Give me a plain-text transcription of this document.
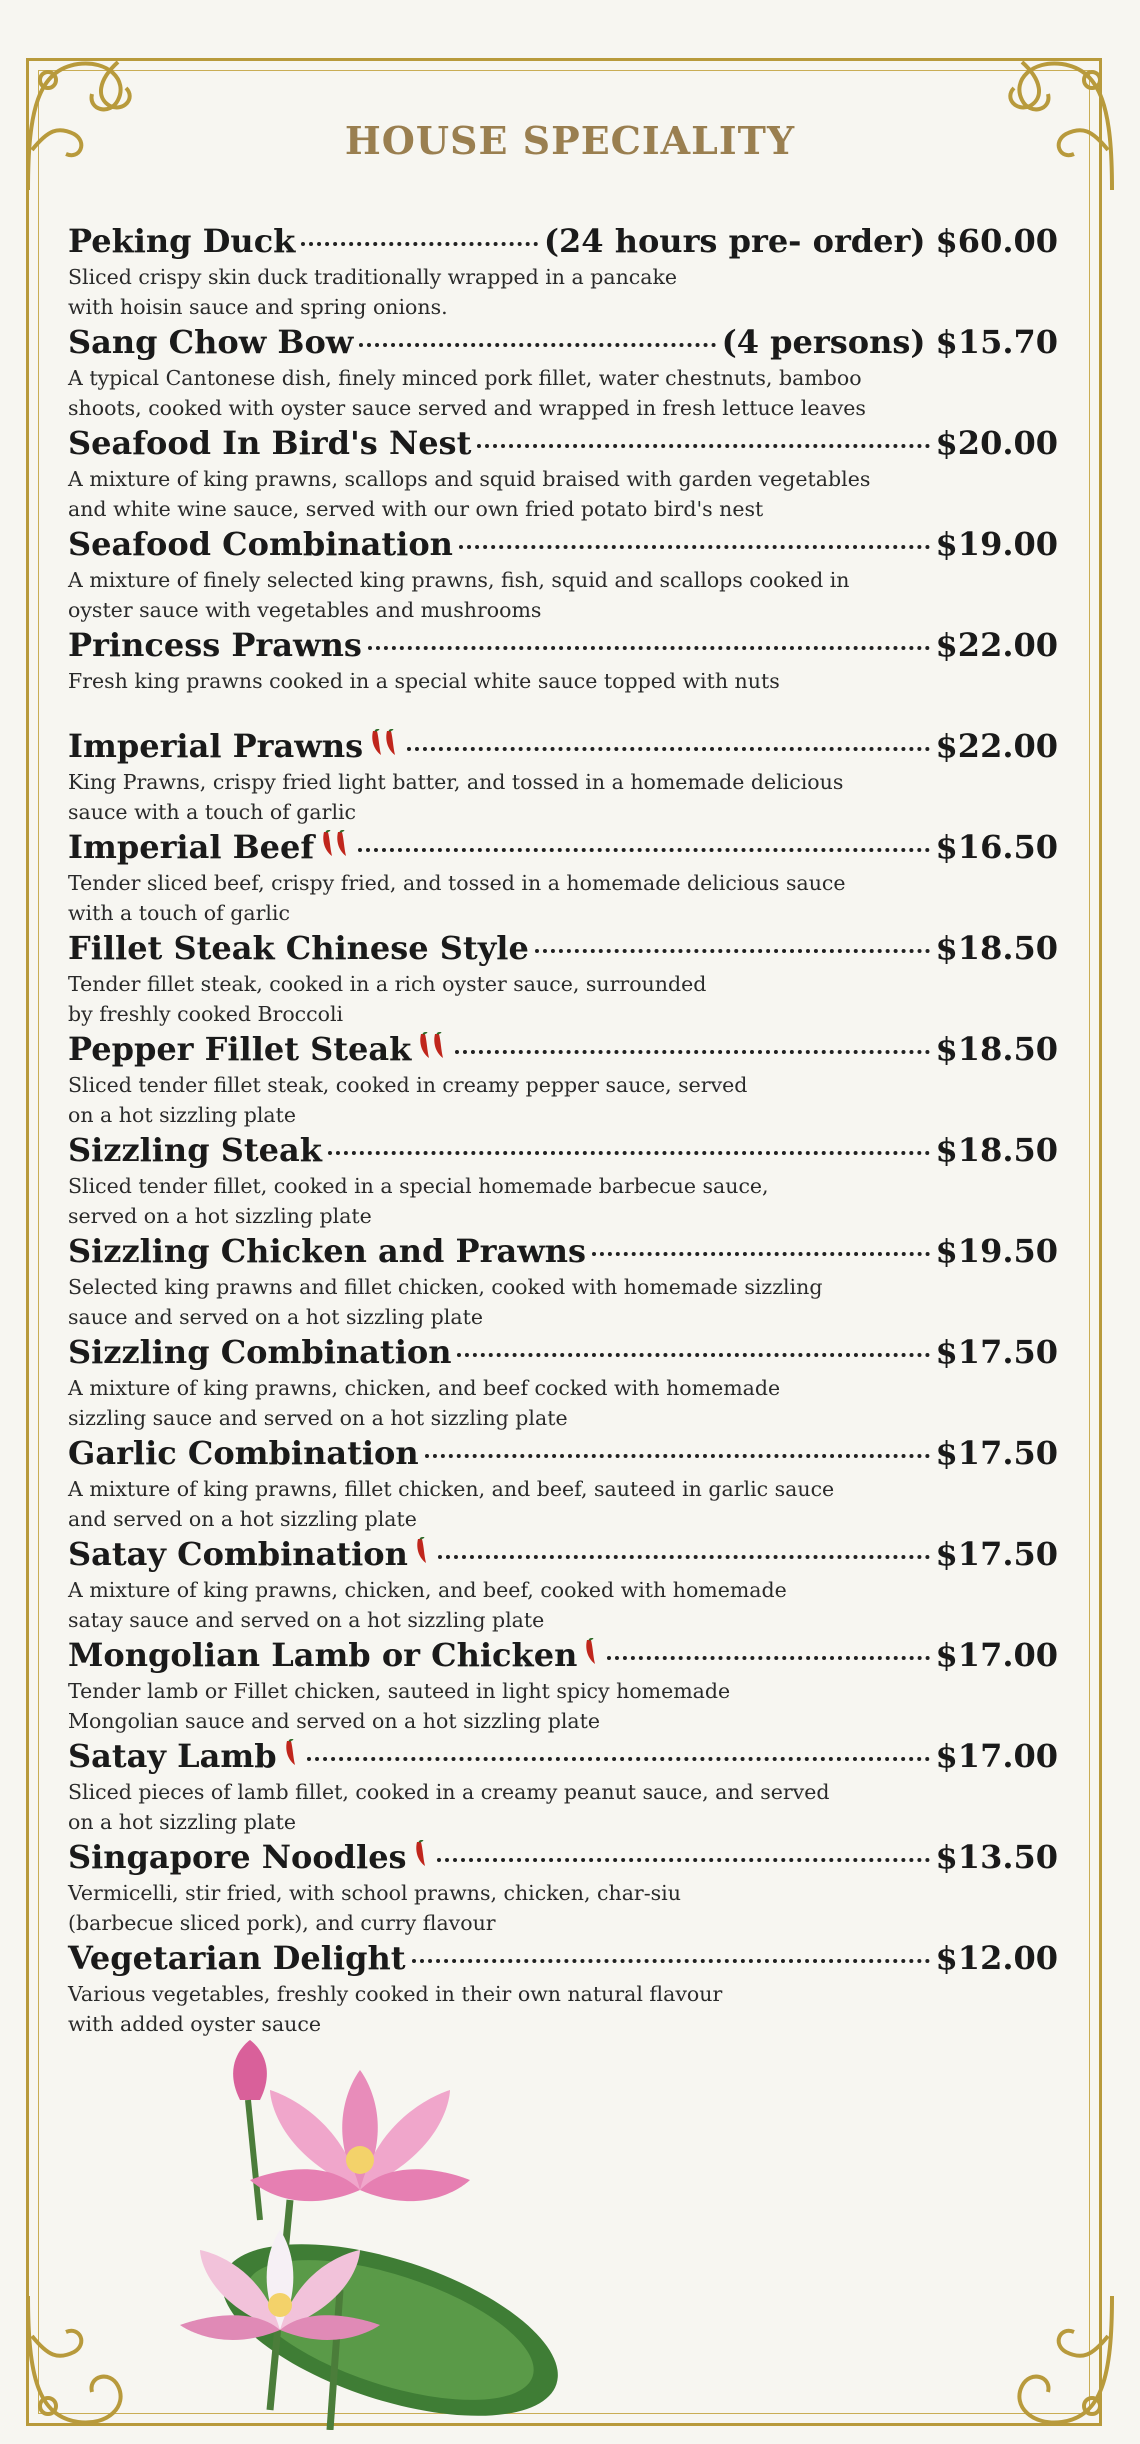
HOUSE SPECIALITY
Peking Duck	(24 hours pre- order) $60.00
Sliced crispy skin duck traditionally wrapped in a pancake
with hoisin sauce and spring onions.
Sang Chow Bow	(4 persons) $15.70
A typical Cantonese dish, finely minced pork fillet, water chestnuts, bamboo
shoots, cooked with oyster sauce served and wrapped in fresh lettuce leaves
Seafood In Bird's Nest	$20.00
A mixture of king prawns, scallops and squid braised with garden vegetables
and white wine sauce, served with our own fried potato bird's nest
Seafood Combination	$19.00
A mixture of finely selected king prawns, fish, squid and scallops cooked in
oyster sauce with vegetables and mushrooms
Princess Prawns	$22.00
Fresh king prawns cooked in a special white sauce topped with nuts
Imperial Prawns	$22.00
King Prawns, crispy fried light batter, and tossed in a homemade delicious
sauce with a touch of garlic
Imperial Beef	$16.50
Tender sliced beef, crispy fried, and tossed in a homemade delicious sauce
with a touch of garlic
Fillet Steak Chinese Style	$18.50
Tender fillet steak, cooked in a rich oyster sauce, surrounded
by freshly cooked Broccoli
Pepper Fillet Steak	$18.50
Sliced tender fillet steak, cooked in creamy pepper sauce, served
on a hot sizzling plate
Sizzling Steak	$18.50
Sliced tender fillet, cooked in a special homemade barbecue sauce,
served on a hot sizzling plate
Sizzling Chicken and Prawns	$19.50
Selected king prawns and fillet chicken, cooked with homemade sizzling
sauce and served on a hot sizzling plate
Sizzling Combination	$17.50
A mixture of king prawns, chicken, and beef cocked with homemade
sizzling sauce and served on a hot sizzling plate
Garlic Combination	$17.50
A mixture of king prawns, fillet chicken, and beef, sauteed in garlic sauce
and served on a hot sizzling plate
Satay Combination	$17.50
A mixture of king prawns, chicken, and beef, cooked with homemade
satay sauce and served on a hot sizzling plate
Mongolian Lamb or Chicken	$17.00
Tender lamb or Fillet chicken, sauteed in light spicy homemade
Mongolian sauce and served on a hot sizzling plate
Satay Lamb	$17.00
Sliced pieces of lamb fillet, cooked in a creamy peanut sauce, and served
on a hot sizzling plate
Singapore Noodles	$13.50
Vermicelli, stir fried, with school prawns, chicken, char-siu
(barbecue sliced pork), and curry flavour
Vegetarian Delight	$12.00
Various vegetables, freshly cooked in their own natural flavour
with added oyster sauce
